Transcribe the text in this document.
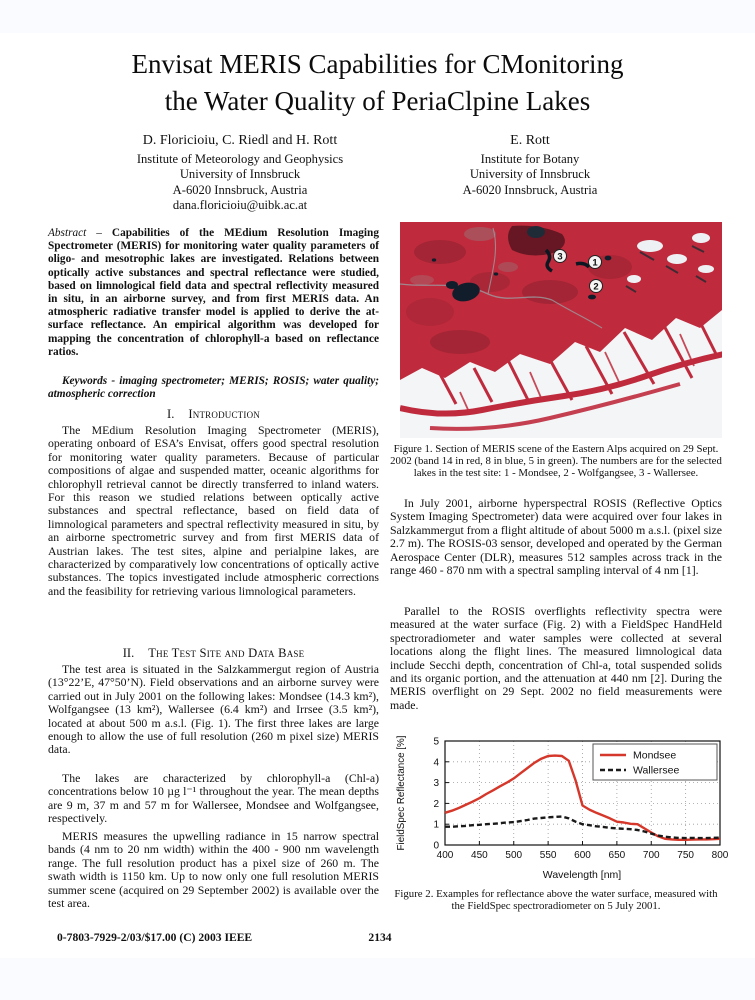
Envisat MERIS Capabilities for CMonitoring
the Water Quality of PeriaClpine Lakes
D. Floricioiu, C. Riedl and H. Rott
Institute of Meteorology and Geophysics
University of Innsbruck
A-6020 Innsbruck, Austria
dana.floricioiu@uibk.ac.at
E. Rott
Institute for Botany
University of Innsbruck
A-6020 Innsbruck, Austria

Abstract – Capabilities of the MEdium Resolution Imaging Spectrometer (MERIS) for monitoring water quality parameters of oligo- and mesotrophic lakes are investigated. Relations between optically active substances and spectral reflectance were studied, based on limnological field data and spectral reflectivity measured in situ, in an airborne survey, and from first MERIS data. An atmospheric radiative transfer model is applied to derive the at-surface reflectance. An empirical algorithm was developed for mapping the concentration of chlorophyll-a based on reflectance ratios.

Keywords - imaging spectrometer; MERIS; ROSIS; water quality; atmospheric correction

I. Introduction

The MEdium Resolution Imaging Spectrometer (MERIS), operating onboard of ESA’s Envisat, offers good spectral resolution for monitoring water quality parameters. Because of particular compositions of algae and suspended matter, oceanic algorithms for chlorophyll retrieval cannot be directly transferred to inland waters. For this reason we studied relations between optically active substances and spectral reflectance, based on field data of limnological parameters and spectral reflectivity measured in situ, by an airborne spectrometric survey and from first MERIS data of Austrian lakes. The test sites, alpine and perialpine lakes, are characterized by comparatively low concentrations of optically active substances. The topics investigated include atmospheric corrections and the feasibility for retrieving various limnological parameters.

II. The Test Site and Data Base

The test area is situated in the Salzkammergut region of Austria (13°22’E, 47°50’N). Field observations and an airborne survey were carried out in July 2001 on the following lakes: Mondsee (14.3 km²), Wolfgangsee (13 km²), Wallersee (6.4 km²) and Irrsee (3.5 km²), located at about 500 m a.s.l. (Fig. 1). The first three lakes are large enough to allow the use of full resolution (260 m pixel size) MERIS data.

The lakes are characterized by chlorophyll-a (Chl-a) concentrations below 10 µg l⁻¹ throughout the year. The mean depths are 9 m, 37 m and 57 m for Wallersee, Mondsee and Wolfgangsee, respectively.

MERIS measures the upwelling radiance in 15 narrow spectral bands (4 nm to 20 nm width) within the 400 - 900 nm wavelength range. The full resolution product has a pixel size of 260 m. The swath width is 1150 km. Up to now only one full resolution MERIS summer scene (acquired on 29 September 2002) is available over the test area.

3
1
2
Figure 1. Section of MERIS scene of the Eastern Alps acquired on 29 Sept. 2002 (band 14 in red, 8 in blue, 5 in green). The numbers are for the selected lakes in the test site: 1 - Mondsee, 2 - Wolfgangsee, 3 - Wallersee.

In July 2001, airborne hyperspectral ROSIS (Reflective Optics System Imaging Spectrometer) data were acquired over four lakes in Salzkammergut from a flight altitude of about 5000 m a.s.l. (pixel size 2.7 m). The ROSIS-03 sensor, developed and operated by the German Aerospace Center (DLR), measures 512 samples across track in the range 460 - 870 nm with a spectral sampling interval of 4 nm [1].

Parallel to the ROSIS overflights reflectivity spectra were measured at the water surface (Fig. 2) with a FieldSpec HandHeld spectroradiometer and water samples were collected at several locations along the flight lines. The measured limnological data include Secchi depth, concentration of Chl-a, total suspended solids and its organic portion, and the attenuation at 440 nm [2]. During the MERIS overflight on 29 Sept. 2002 no field measurements were made.

400 450 500 550 600 650 700 750 800
0
1
2
3
4
5
Mondsee
Wallersee
Wavelength [nm]
FieldSpec Reflectance [%]
Figure 2. Examples for reflectance above the water surface, measured with the FieldSpec spectroradiometer on 5 July 2001.
0-7803-7929-2/03/$17.00 (C) 2003 IEEE	2134
